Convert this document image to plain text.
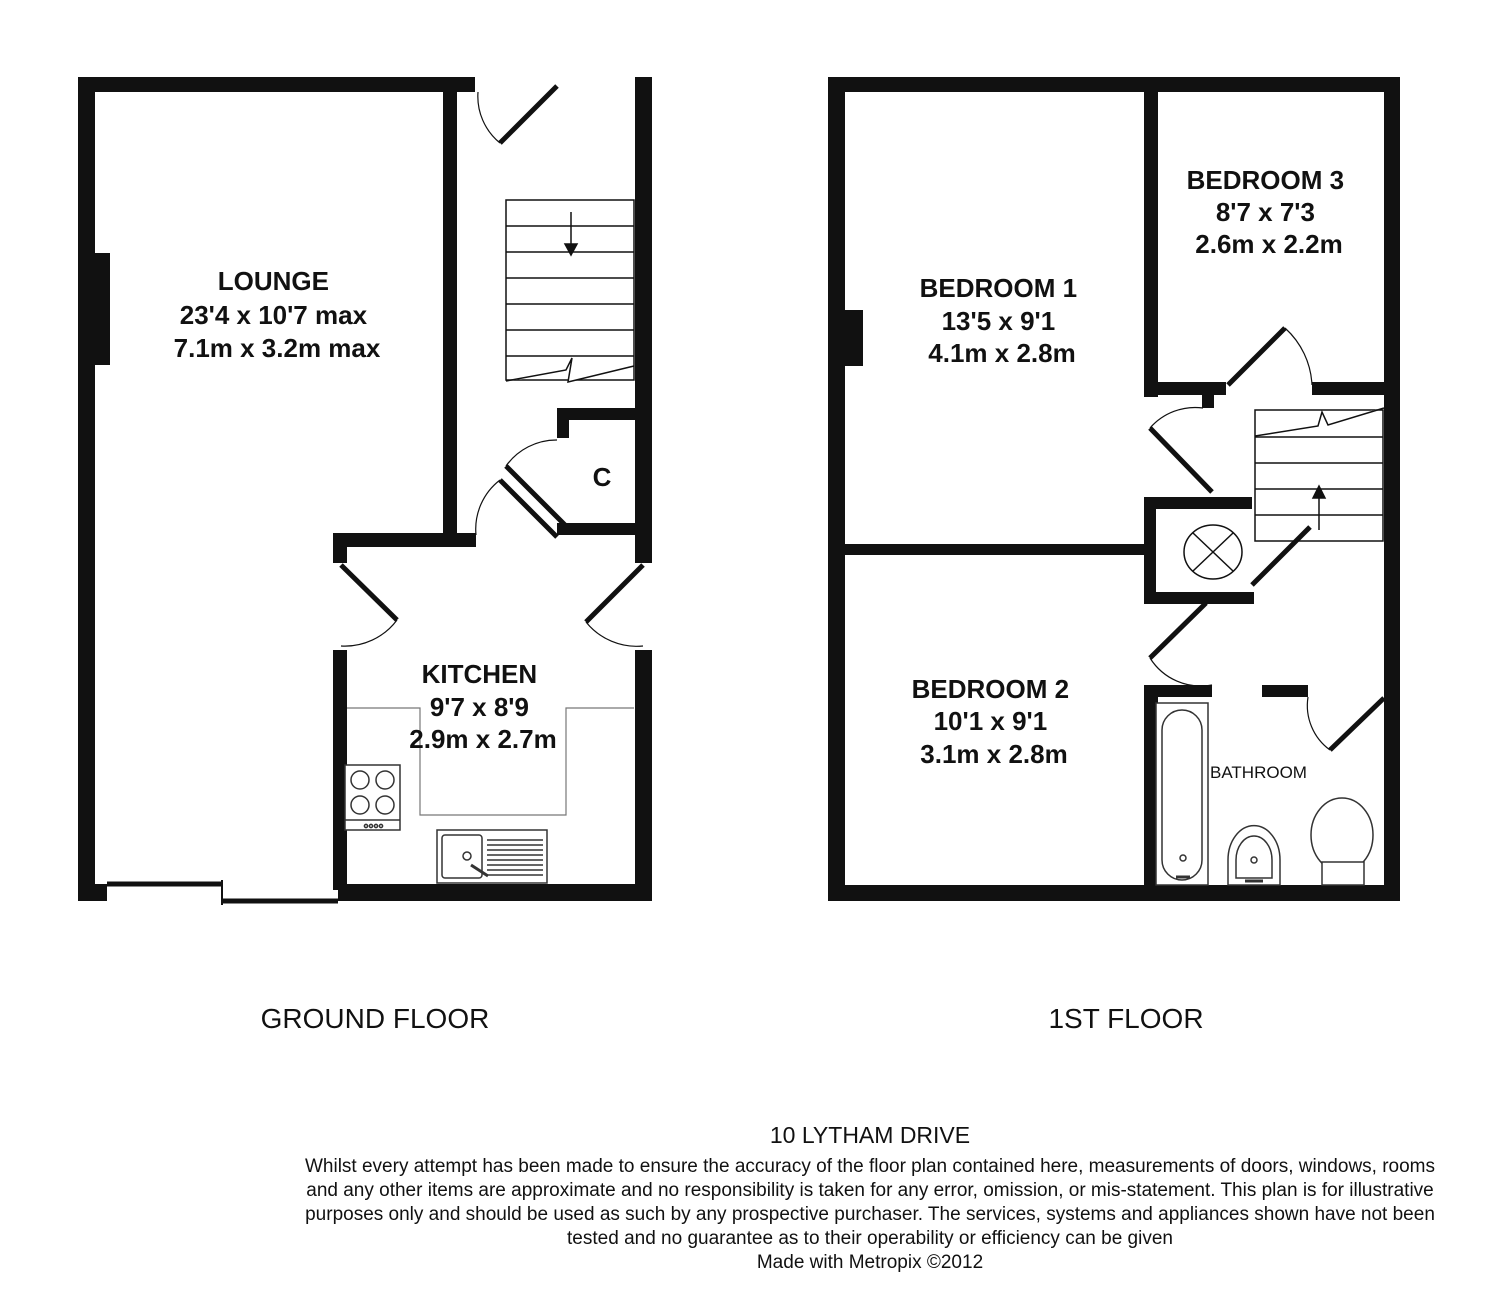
LOUNGE 23'4 x 10'7 max 7.1m x 3.2m max
KITCHEN 9'7 x 8'9 2.9m x 2.7m
C
GROUND FLOOR
BEDROOM 1 13'5 x 9'1 4.1m x 2.8m
BEDROOM 2 10'1 x 9'1 3.1m x 2.8m
BEDROOM 3 8'7 x 7'3 2.6m x 2.2m
BATHROOM
1ST FLOOR
10 LYTHAM DRIVE
Whilst every attempt has been made to ensure the accuracy of the floor plan contained here, measurements of doors, windows, rooms and any other items are approximate and no responsibility is taken for any error, omission, or mis-statement. This plan is for illustrative purposes only and should be used as such by any prospective purchaser. The services, systems and appliances shown have not been tested and no guarantee as to their operability or efficiency can be given
Made with Metropix ©2012
